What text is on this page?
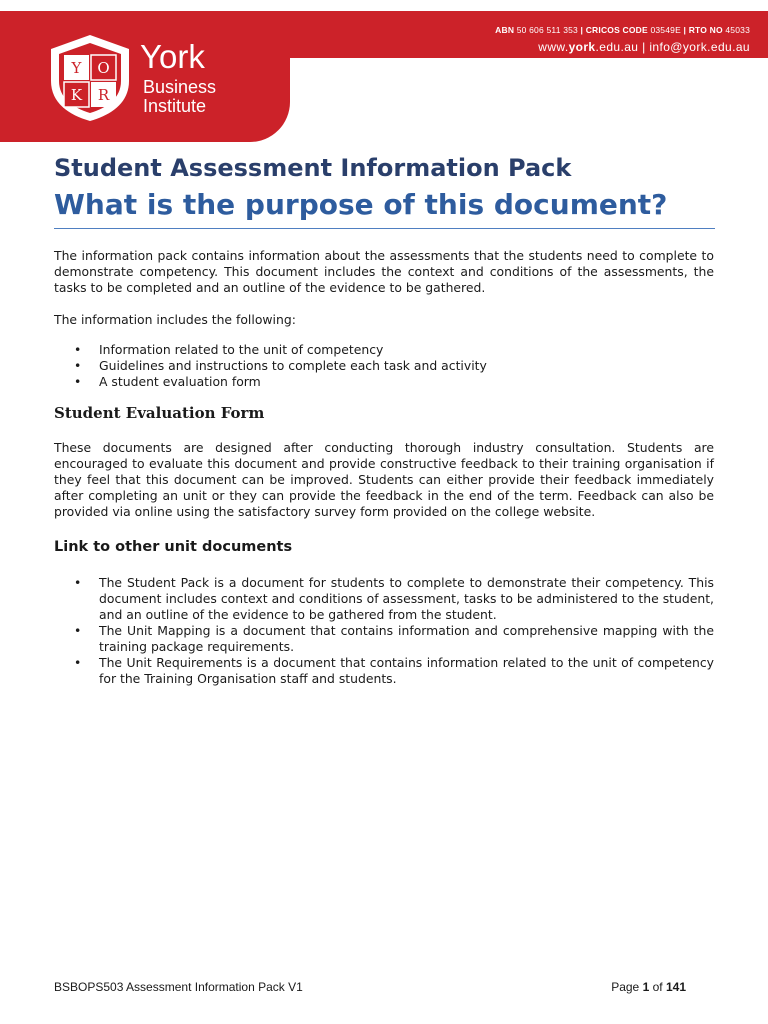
ABN 50 606 511 353 | CRICOS CODE 03549E | RTO NO 45033
www.york.edu.au | info@york.edu.au
Y O
K R
York
Business
Institute
Student Assessment Information Pack
What is the purpose of this document?

The information pack contains information about the assessments that the students need to complete to demonstrate competency. This document includes the context and conditions of the assessments, the tasks to be completed and an outline of the evidence to be gathered.

The information includes the following:

• Information related to the unit of competency
• Guidelines and instructions to complete each task and activity
• A student evaluation form
Student Evaluation Form

These documents are designed after conducting thorough industry consultation. Students are encouraged to evaluate this document and provide constructive feedback to their training organisation if they feel that this document can be improved. Students can either provide their feedback immediately after completing an unit or they can provide the feedback in the end of the term. Feedback can also be provided via online using the satisfactory survey form provided on the college website.

Link to other unit documents
• The Student Pack is a document for students to complete to demonstrate their competency. This document includes context and conditions of assessment, tasks to be administered to the student, and an outline of the evidence to be gathered from the student.
• The Unit Mapping is a document that contains information and comprehensive mapping with the training package requirements.
• The Unit Requirements is a document that contains information related to the unit of competency for the Training Organisation staff and students.
BSBOPS503 Assessment Information Pack V1	Page 1 of 141
